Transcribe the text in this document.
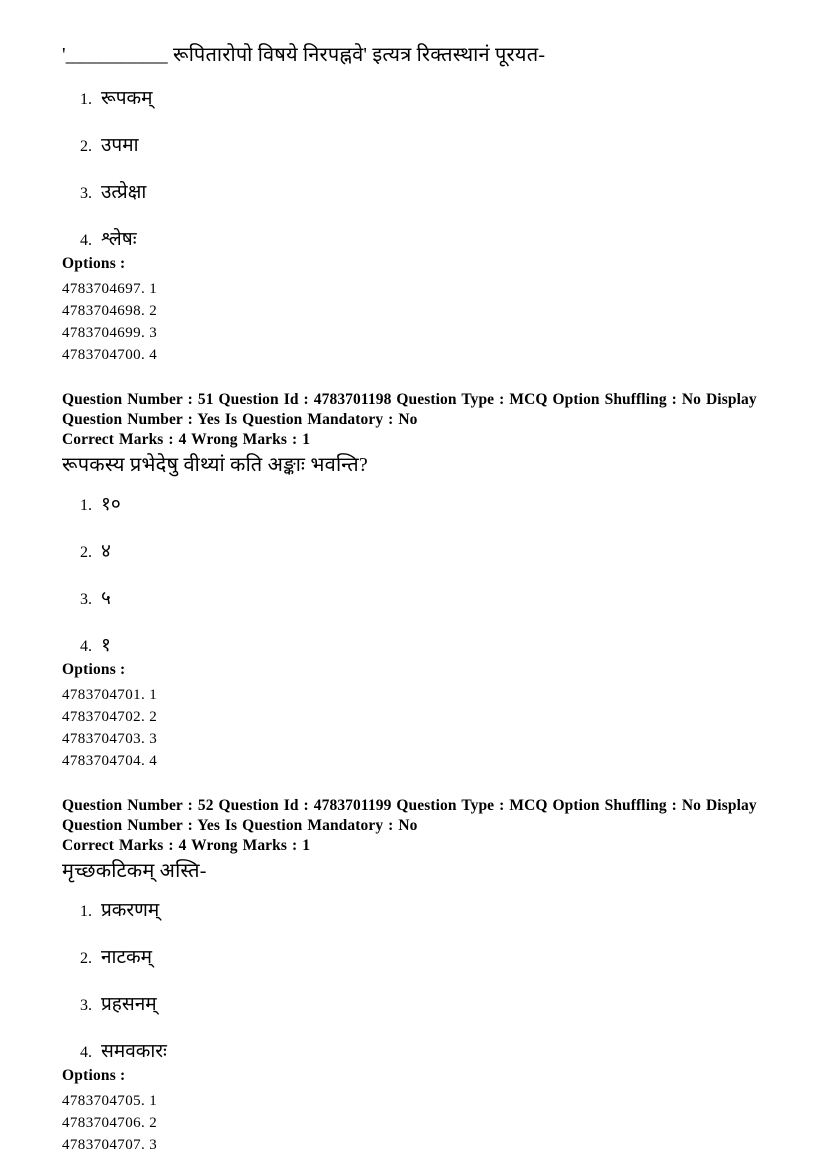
'__________ रूपितारोपो विषये निरपह्नवे' इत्यत्र रिक्तस्थानं पूरयत-
1. रूपकम्
2. उपमा
3. उत्प्रेक्षा
4. श्लेषः
Options :
4783704697. 1
4783704698. 2
4783704699. 3
4783704700. 4
Question Number : 51 Question Id : 4783701198 Question Type : MCQ Option Shuffling : No Display Question Number : Yes Is Question Mandatory : No
Correct Marks : 4 Wrong Marks : 1
रूपकस्य प्रभेदेषु वीथ्यां कति अङ्काः भवन्ति?
1. १०
2. ४
3. ५
4. १
Options :
4783704701. 1
4783704702. 2
4783704703. 3
4783704704. 4
Question Number : 52 Question Id : 4783701199 Question Type : MCQ Option Shuffling : No Display Question Number : Yes Is Question Mandatory : No
Correct Marks : 4 Wrong Marks : 1
मृच्छकटिकम् अस्ति-
1. प्रकरणम्
2. नाटकम्
3. प्रहसनम्
4. समवकारः
Options :
4783704705. 1
4783704706. 2
4783704707. 3
